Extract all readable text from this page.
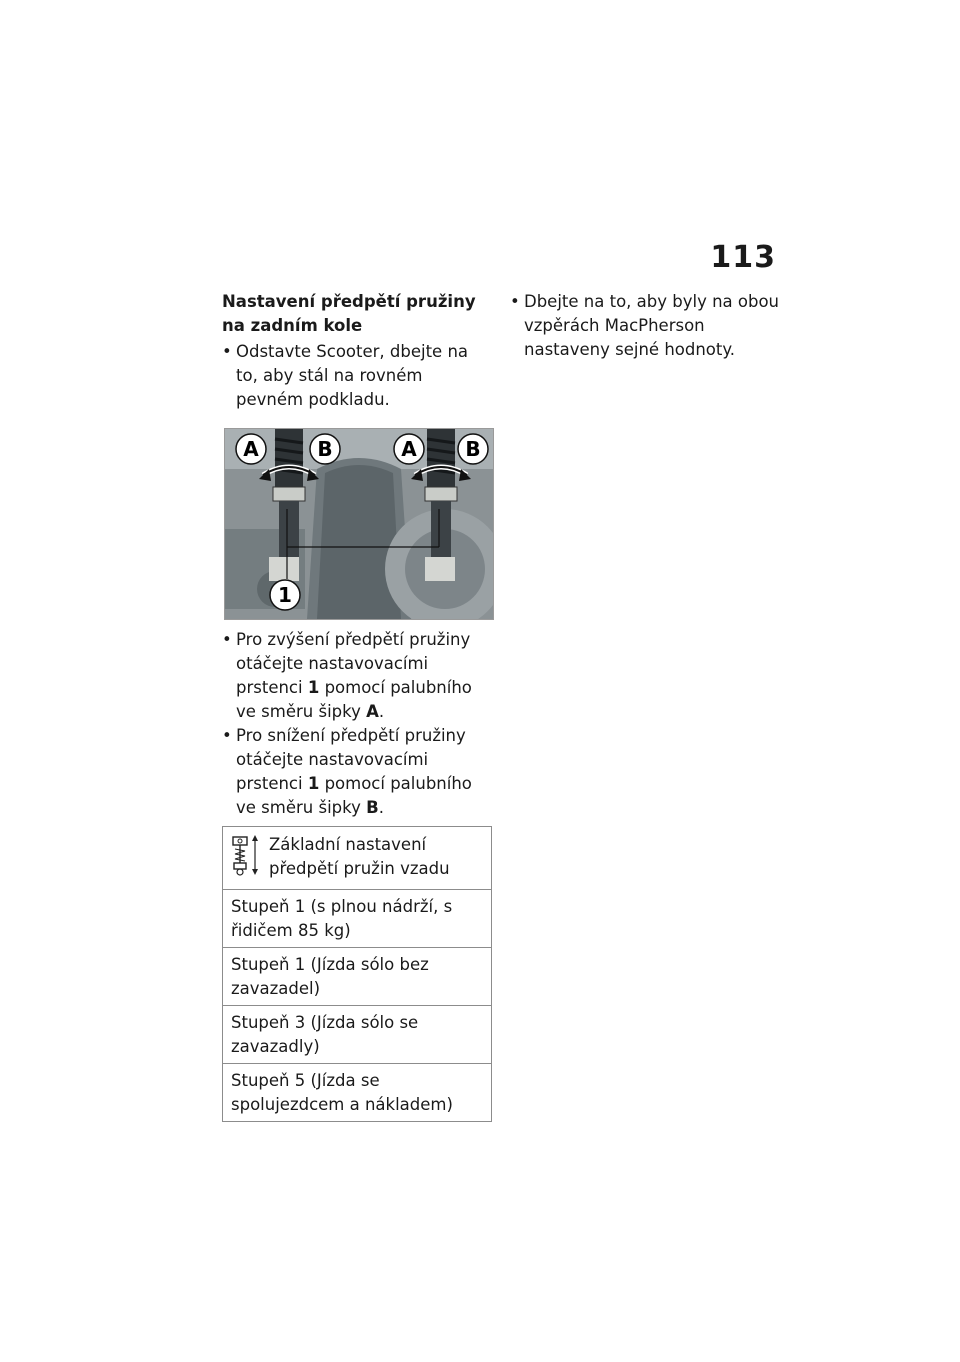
113
Nastavení předpětí pružiny na zadním kole
• Odstavte Scooter, dbejte na to, aby stál na rovném pevném podkladu.
A	B	A B
1
• Pro zvýšení předpětí pružiny otáčejte nastavovacími prstenci 1 pomocí palubního ve směru šipky A.
• Pro snížení předpětí pružiny otáčejte nastavovacími prstenci 1 pomocí palubního ve směru šipky B.
Základní nastavení předpětí pružin vzadu
Stupeň 1 (s plnou nádrží, s řidičem 85 kg)
Stupeň 1 (Jízda sólo bez zavazadel)
Stupeň 3 (Jízda sólo se zavazadly)
Stupeň 5 (Jízda se spolujezdcem a nákladem)
• Dbejte na to, aby byly na obou vzpěrách MacPherson nastaveny sejné hodnoty.
